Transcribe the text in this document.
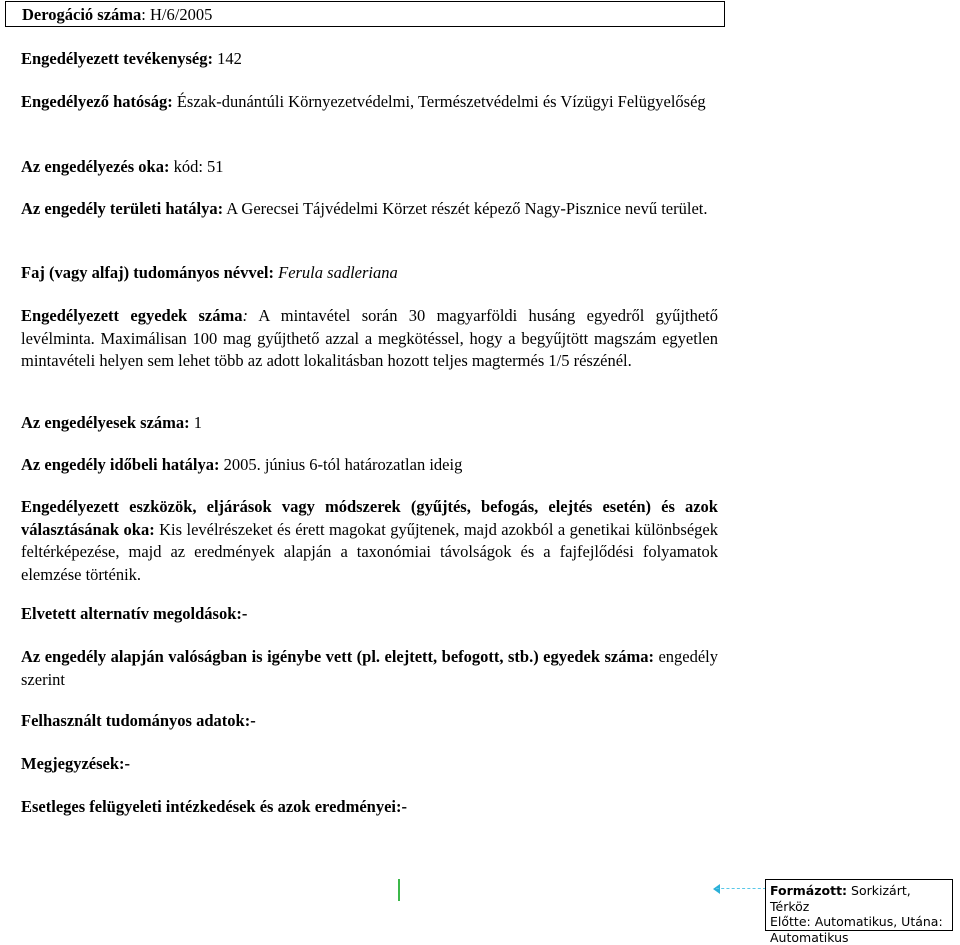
Derogáció száma: H/6/2005

Engedélyezett tevékenység: 142

Engedélyező hatóság: Észak-dunántúli Környezetvédelmi, Természetvédelmi és Vízügyi Felügyelőség

Az engedélyezés oka: kód: 51

Az engedély területi hatálya: A Gerecsei Tájvédelmi Körzet részét képező Nagy-Pisznice nevű terület.

Faj (vagy alfaj) tudományos névvel: Ferula sadleriana

Engedélyezett egyedek száma: A mintavétel során 30 magyarföldi husáng egyedről gyűjthető levélminta. Maximálisan 100 mag gyűjthető azzal a megkötéssel, hogy a begyűjtött magszám egyetlen mintavételi helyen sem lehet több az adott lokalitásban hozott teljes magtermés 1/5 részénél.

Az engedélyesek száma: 1

Az engedély időbeli hatálya: 2005. június 6-tól határozatlan ideig

Engedélyezett eszközök, eljárások vagy módszerek (gyűjtés, befogás, elejtés esetén) és azok választásának oka: Kis levélrészeket és érett magokat gyűjtenek, majd azokból a genetikai különbségek feltérképezése, majd az eredmények alapján a taxonómiai távolságok és a fajfejlődési folyamatok elemzése történik.

Elvetett alternatív megoldások:-

Az engedély alapján valóságban is igénybe vett (pl. elejtett, befogott, stb.) egyedek száma: engedély szerint

Felhasznált tudományos adatok:-

Megjegyzések:-

Esetleges felügyeleti intézkedések és azok eredményei:-

Formázott: Sorkizárt, Térköz
Előtte: Automatikus, Utána:
Automatikus
